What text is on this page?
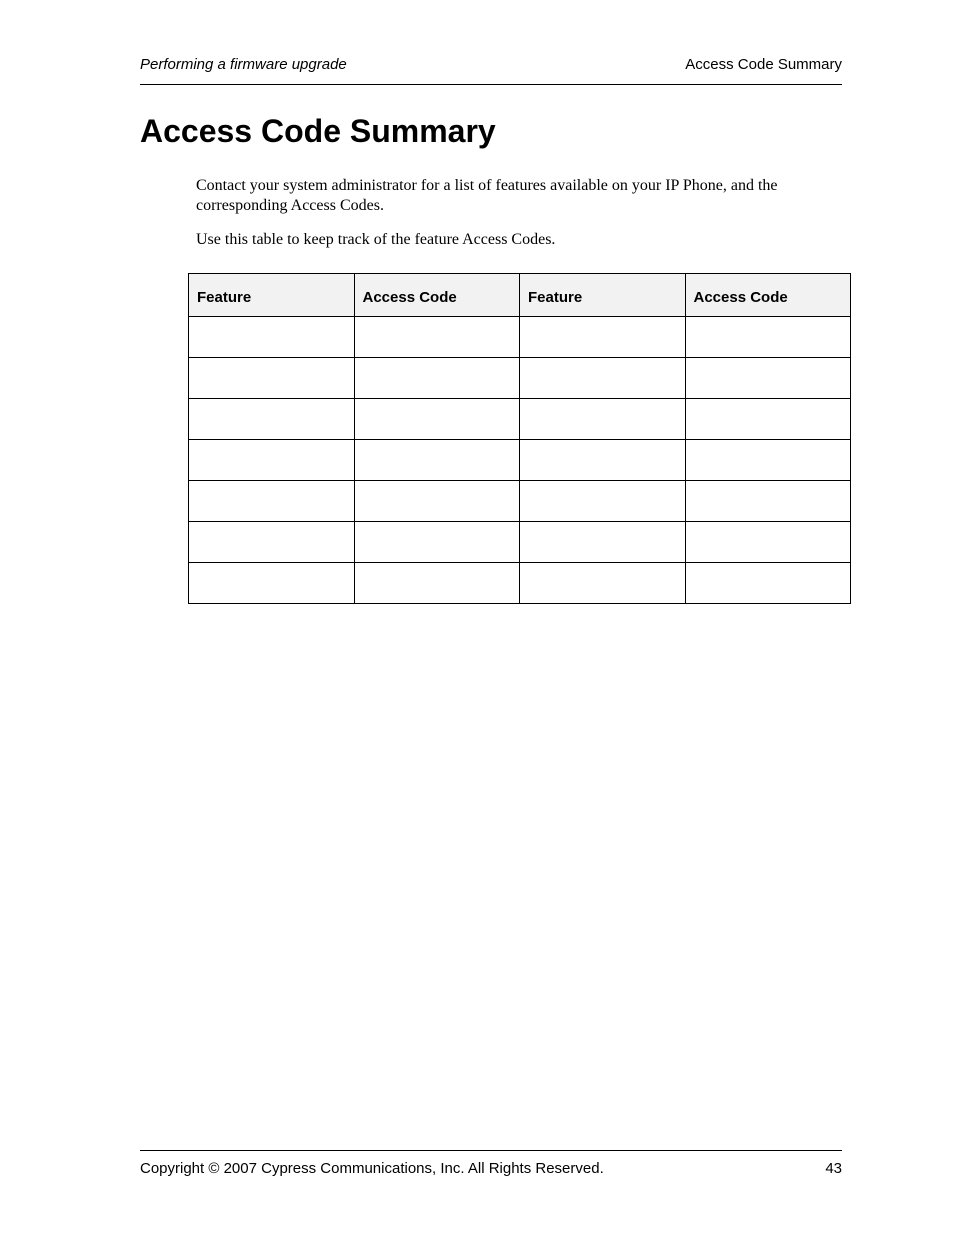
Performing a firmware upgrade	Access Code Summary
Access Code Summary

Contact your system administrator for a list of features available on your IP Phone, and the corresponding Access Codes.

Use this table to keep track of the feature Access Codes.

Feature	Access Code	Feature	Access Code

Copyright © 2007 Cypress Communications, Inc. All Rights Reserved.	43
